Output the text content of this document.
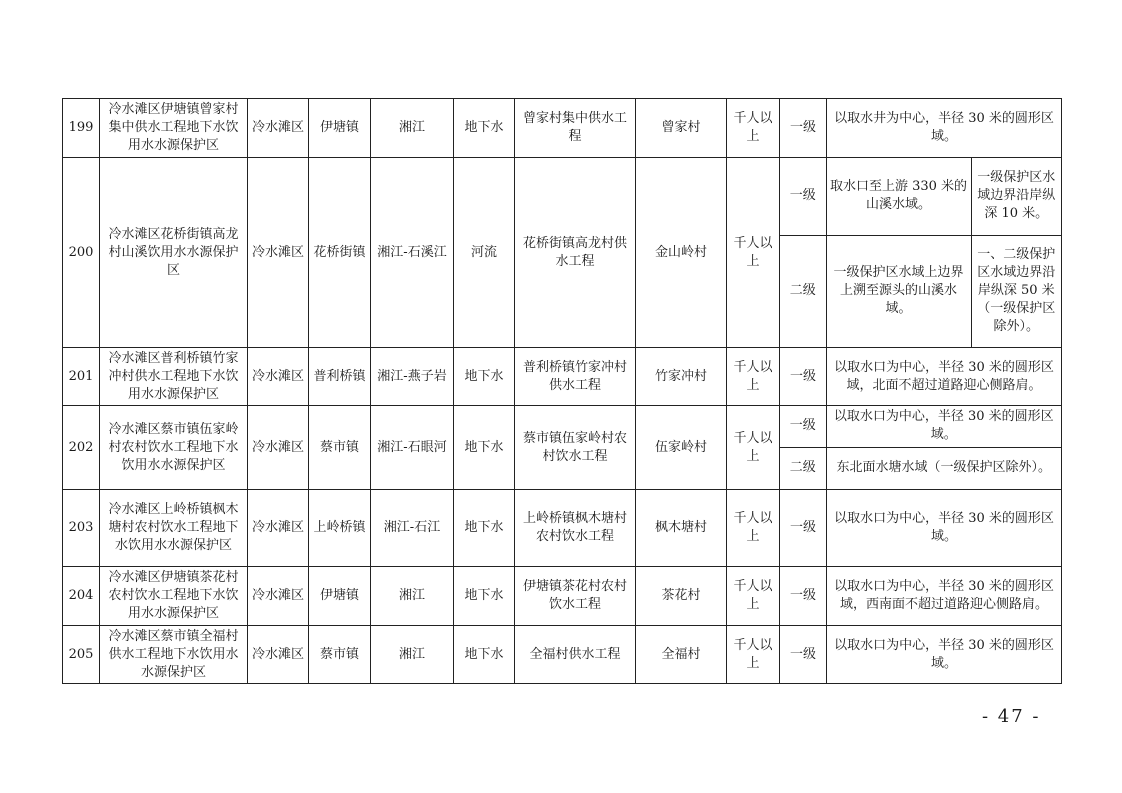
199	冷水滩区伊塘镇曾家村集中供水工程地下水饮用水水源保护区	冷水滩区	伊塘镇	湘江	地下水	曾家村集中供水工程	曾家村	千人以上	一级	以取水井为中心，半径 30 米的圆形区域。
200	冷水滩区花桥街镇高龙村山溪饮用水水源保护区	冷水滩区	花桥街镇	湘江-石溪江	河流	花桥街镇高龙村供水工程	金山岭村	千人以上	
一级	取水口至上游 330 米的山溪水域。	一级保护区水域边界沿岸纵深 10 米。
二级	一级保护区水域上边界上溯至源头的山溪水域。	一、二级保护区水域边界沿岸纵深 50 米（一级保护区除外）。

201	冷水滩区普利桥镇竹家冲村供水工程地下水饮用水水源保护区	冷水滩区	普利桥镇	湘江-燕子岩	地下水	普利桥镇竹家冲村供水工程	竹家冲村	千人以上	一级	以取水口为中心，半径 30 米的圆形区域，北面不超过道路迎心侧路肩。
202	冷水滩区蔡市镇伍家岭村农村饮水工程地下水饮用水水源保护区	冷水滩区	蔡市镇	湘江-石眼河	地下水	蔡市镇伍家岭村农村饮水工程	伍家岭村	千人以上	
一级	以取水口为中心，半径 30 米的圆形区域。
二级	东北面水塘水域（一级保护区除外）。

203	冷水滩区上岭桥镇枫木塘村农村饮水工程地下水饮用水水源保护区	冷水滩区	上岭桥镇	湘江-石江	地下水	上岭桥镇枫木塘村农村饮水工程	枫木塘村	千人以上	一级	以取水口为中心，半径 30 米的圆形区域。
204	冷水滩区伊塘镇茶花村农村饮水工程地下水饮用水水源保护区	冷水滩区	伊塘镇	湘江	地下水	伊塘镇茶花村农村饮水工程	茶花村	千人以上	一级	以取水口为中心，半径 30 米的圆形区域，西南面不超过道路迎心侧路肩。
205	冷水滩区蔡市镇全福村供水工程地下水饮用水水源保护区	冷水滩区	蔡市镇	湘江	地下水	全福村供水工程	全福村	千人以上	一级	以取水口为中心，半径 30 米的圆形区域。
- 47 -
